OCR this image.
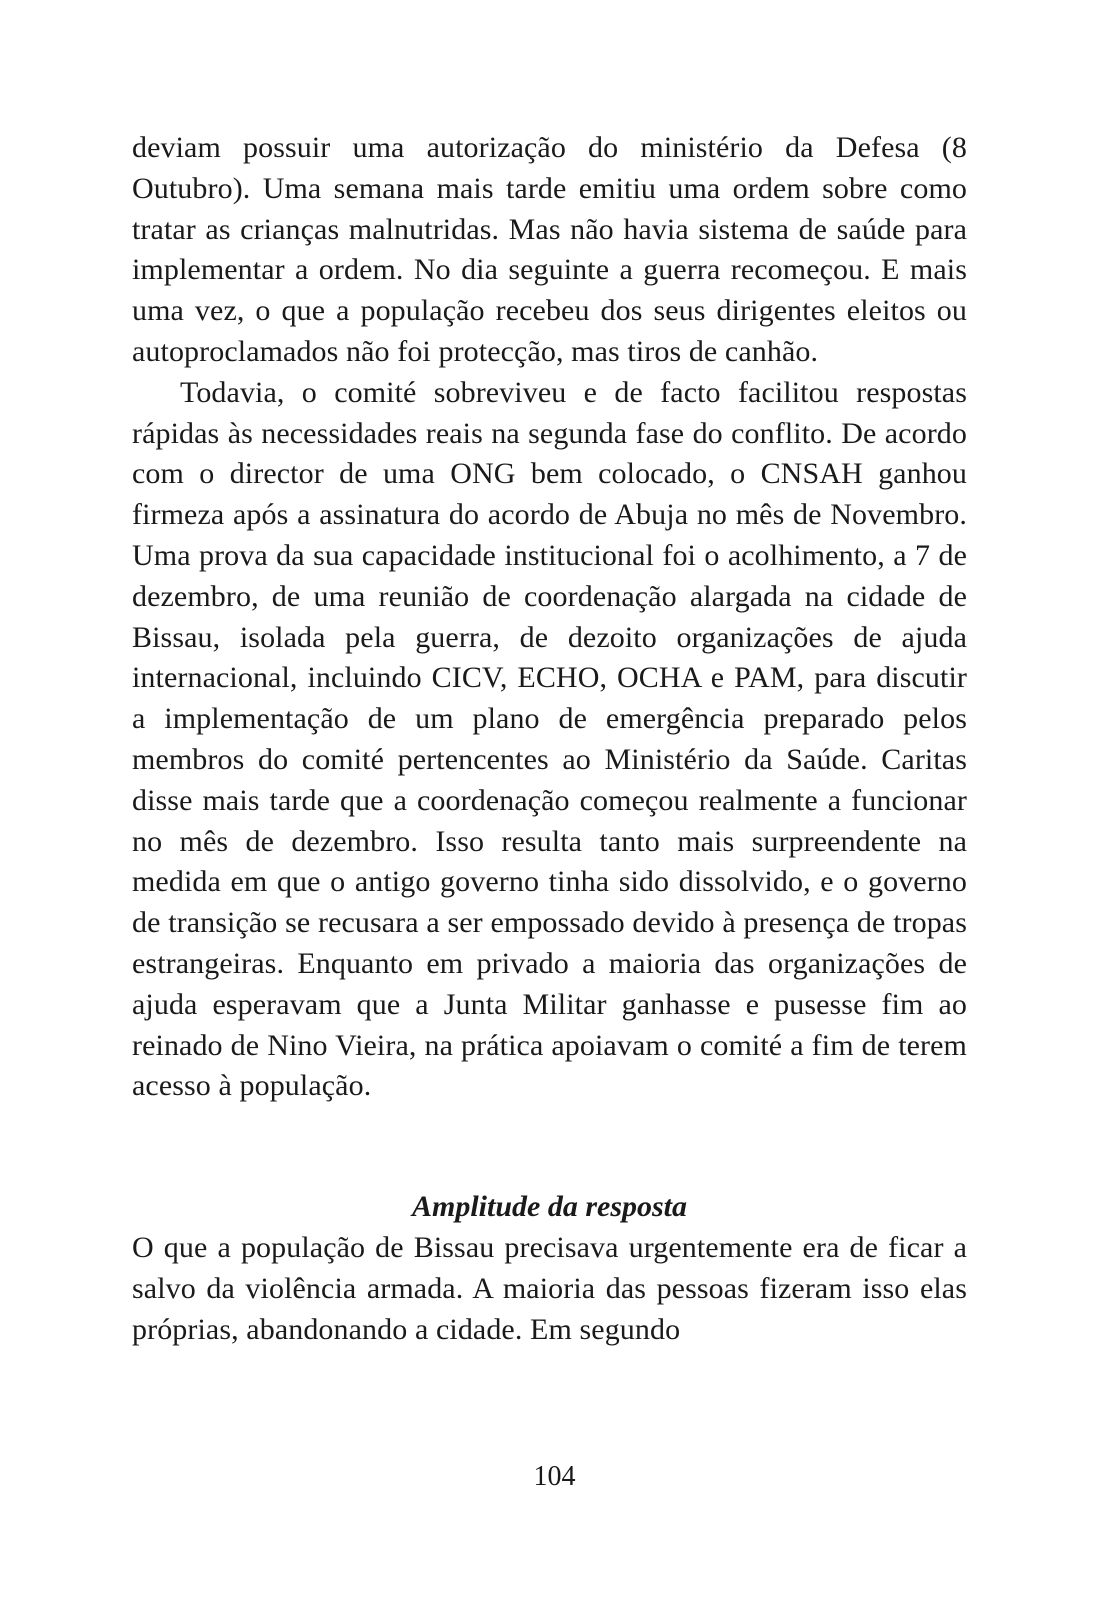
deviam possuir uma autorização do ministério da Defesa (8 Outubro). Uma semana mais tarde emitiu uma ordem sobre como tratar as crianças malnutridas. Mas não havia sistema de saúde para implementar a ordem. No dia seguinte a guerra recomeçou. E mais uma vez, o que a população recebeu dos seus dirigentes eleitos ou autoproclamados não foi protecção, mas tiros de canhão.

Todavia, o comité sobreviveu e de facto facilitou respostas rápidas às necessidades reais na segunda fase do conflito. De acordo com o director de uma ONG bem colocado, o CNSAH ganhou firmeza após a assinatura do acordo de Abuja no mês de Novembro. Uma prova da sua capacidade institucional foi o acolhimento, a 7 de dezembro, de uma reunião de coordenação alargada na cidade de Bissau, isolada pela guerra, de dezoito organizações de ajuda internacional, incluindo CICV, ECHO, OCHA e PAM, para discutir a implementação de um plano de emergência preparado pelos membros do comité pertencentes ao Ministério da Saúde. Caritas disse mais tarde que a coordenação começou realmente a funcionar no mês de dezembro. Isso resulta tanto mais surpreendente na medida em que o antigo governo tinha sido dissolvido, e o governo de transição se recusara a ser empossado devido à presença de tropas estrangeiras. Enquanto em privado a maioria das organizações de ajuda esperavam que a Junta Militar ganhasse e pusesse fim ao reinado de Nino Vieira, na prática apoiavam o comité a fim de terem acesso à população.

Amplitude da resposta

O que a população de Bissau precisava urgentemente era de ficar a salvo da violência armada. A maioria das pessoas fizeram isso elas próprias, abandonando a cidade. Em segundo

104
